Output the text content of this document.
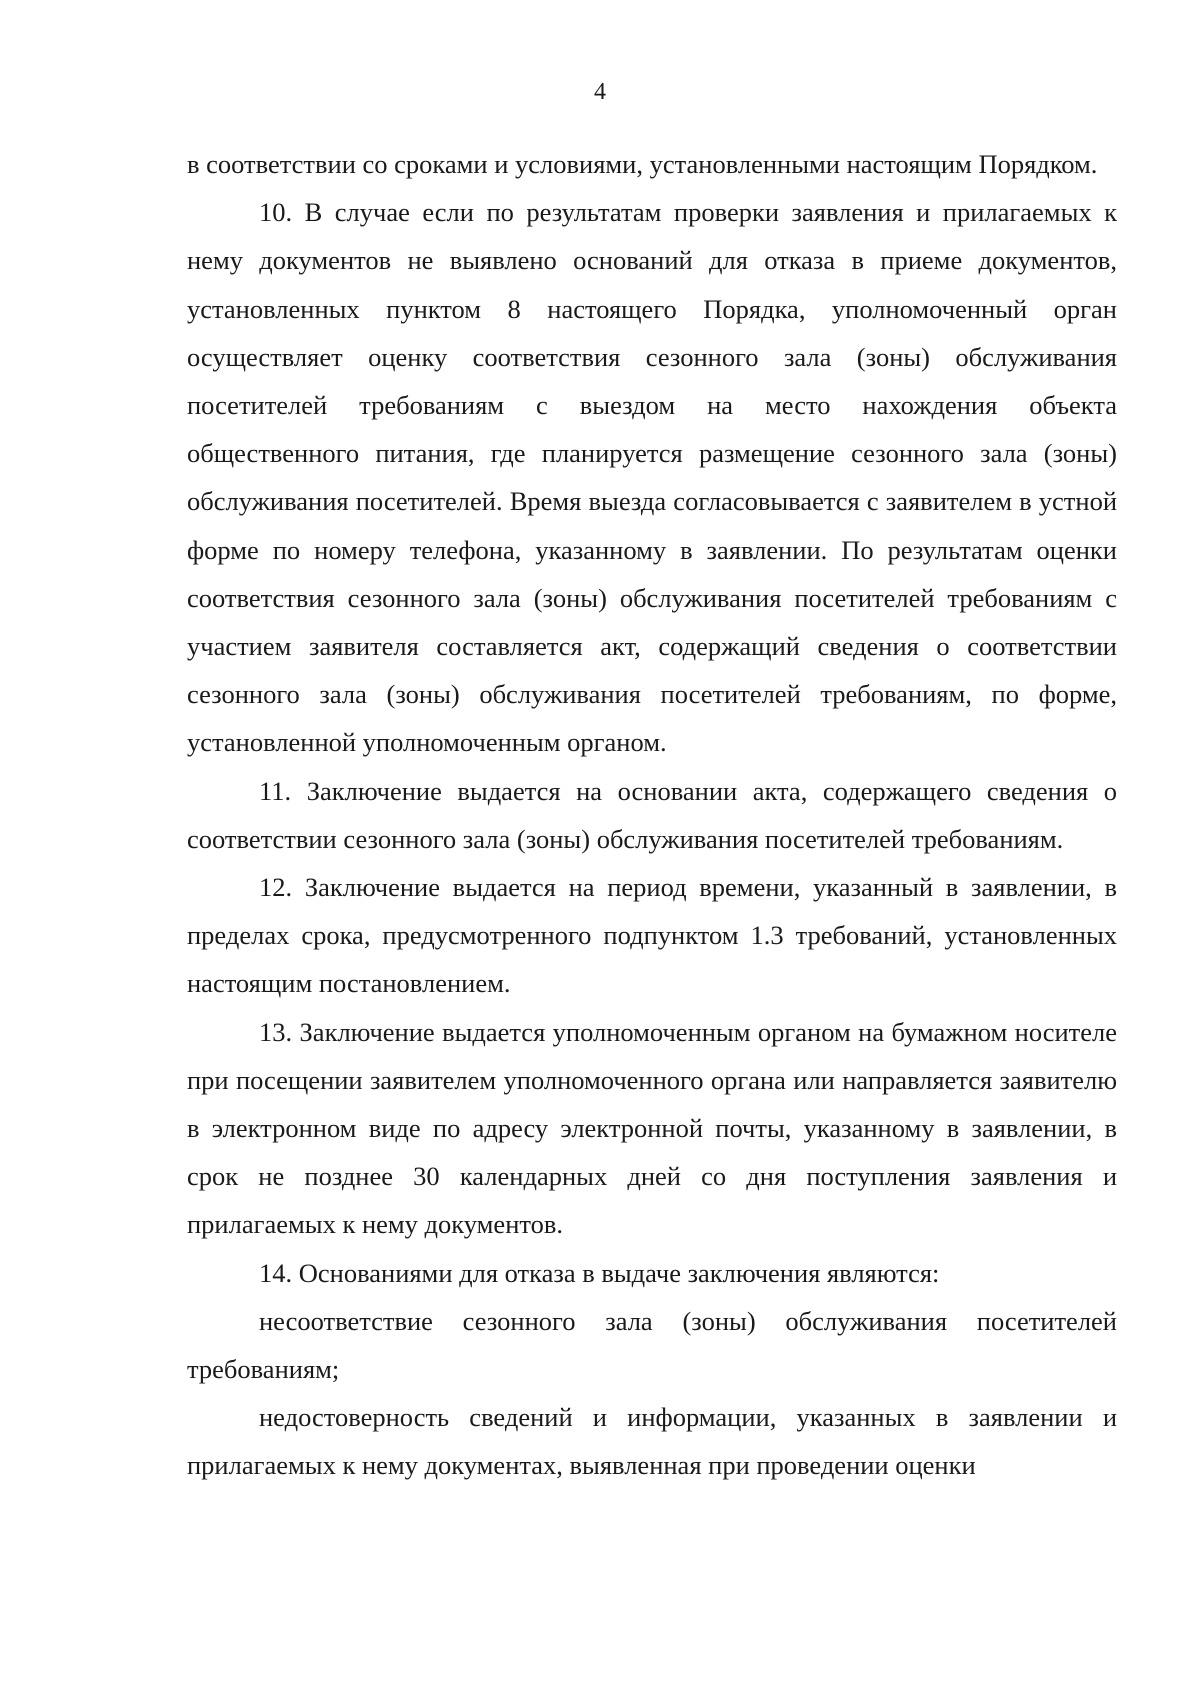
4

в соответствии со сроками и условиями, установленными настоящим Порядком.

10. В случае если по результатам проверки заявления и прилагаемых к нему документов не выявлено оснований для отказа в приеме документов, установленных пунктом 8 настоящего Порядка, уполномоченный орган осуществляет оценку соответствия сезонного зала (зоны) обслуживания посетителей требованиям с выездом на место нахождения объекта общественного питания, где планируется размещение сезонного зала (зоны) обслуживания посетителей. Время выезда согласовывается с заявителем в устной форме по номеру телефона, указанному в заявлении. По результатам оценки соответствия сезонного зала (зоны) обслуживания посетителей требованиям с участием заявителя составляется акт, содержащий сведения о соответствии сезонного зала (зоны) обслуживания посетителей требованиям, по форме, установленной уполномоченным органом.

11. Заключение выдается на основании акта, содержащего сведения о соответствии сезонного зала (зоны) обслуживания посетителей требованиям.

12. Заключение выдается на период времени, указанный в заявлении, в пределах срока, предусмотренного подпунктом 1.3 требований, установленных настоящим постановлением.

13. Заключение выдается уполномоченным органом на бумажном носителе при посещении заявителем уполномоченного органа или направляется заявителю в электронном виде по адресу электронной почты, указанному в заявлении, в срок не позднее 30 календарных дней со дня поступления заявления и прилагаемых к нему документов.

14. Основаниями для отказа в выдаче заключения являются:

несоответствие сезонного зала (зоны) обслуживания посетителей требованиям;

недостоверность сведений и информации, указанных в заявлении и прилагаемых к нему документах, выявленная при проведении оценки
